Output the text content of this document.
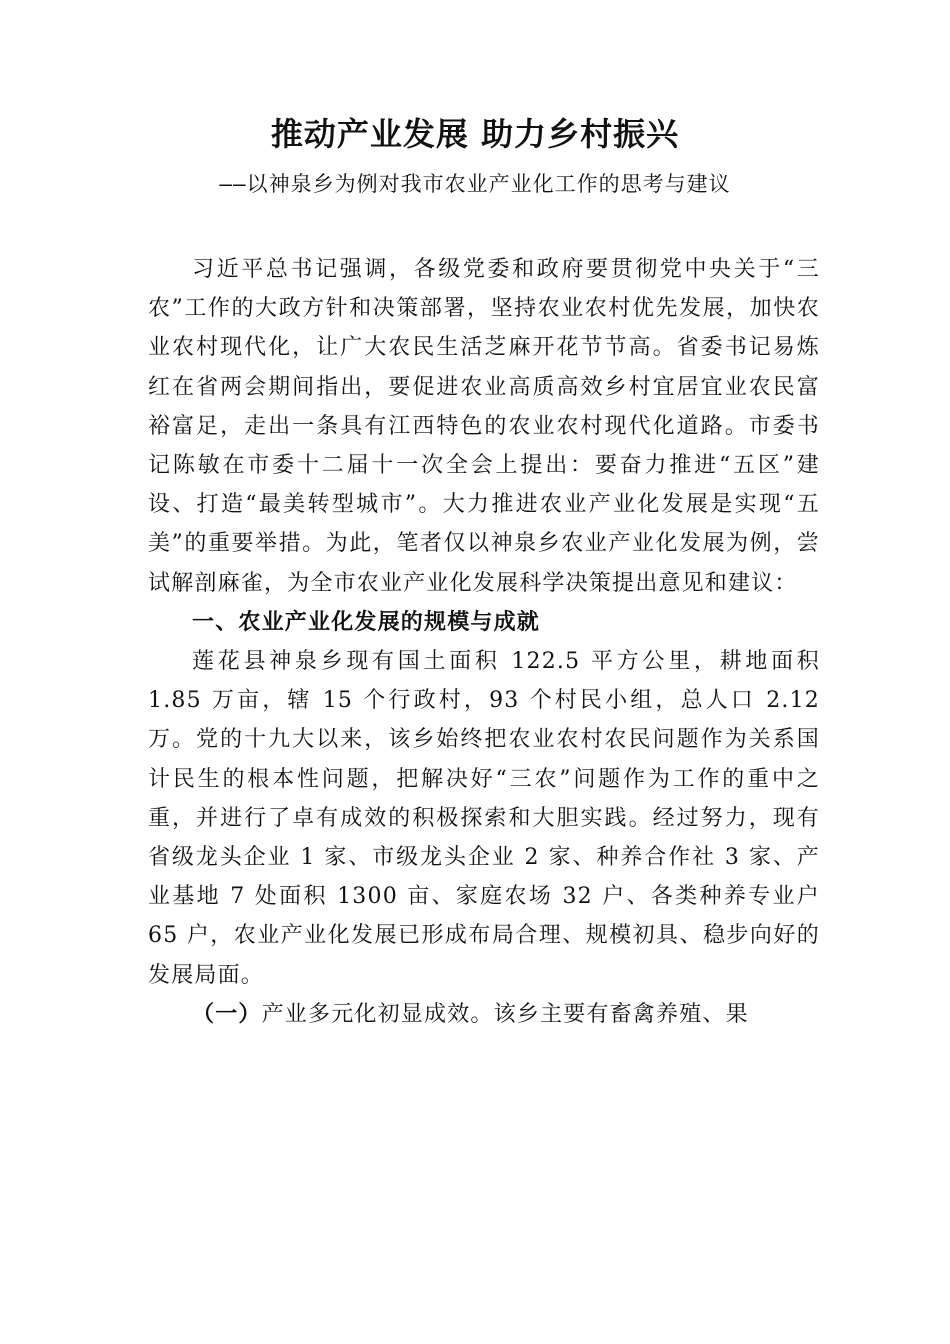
推动产业发展 助力乡村振兴
——以神泉乡为例对我市农业产业化工作的思考与建议

习近平总书记强调，各级党委和政府要贯彻党中央关于“三农”工作的大政方针和决策部署，坚持农业农村优先发展，加快农业农村现代化，让广大农民生活芝麻开花节节高。省委书记易炼红在省两会期间指出，要促进农业高质高效乡村宜居宜业农民富裕富足，走出一条具有江西特色的农业农村现代化道路。市委书记陈敏在市委十二届十一次全会上提出：要奋力推进“五区”建设、打造“最美转型城市”。大力推进农业产业化发展是实现“五美”的重要举措。为此，笔者仅以神泉乡农业产业化发展为例，尝试解剖麻雀，为全市农业产业化发展科学决策提出意见和建议：

一、农业产业化发展的规模与成就

莲花县神泉乡现有国土面积 122.5 平方公里，耕地面积 1.85 万亩，辖 15 个行政村，93 个村民小组，总人口 2.12 万。党的十九大以来，该乡始终把农业农村农民问题作为关系国计民生的根本性问题，把解决好“三农”问题作为工作的重中之重，并进行了卓有成效的积极探索和大胆实践。经过努力，现有省级龙头企业 1 家、市级龙头企业 2 家、种养合作社 3 家、产业基地 7 处面积 1300 亩、家庭农场 32 户、各类种养专业户 65 户，农业产业化发展已形成布局合理、规模初具、稳步向好的发展局面。

（一）产业多元化初显成效。该乡主要有畜禽养殖、果
